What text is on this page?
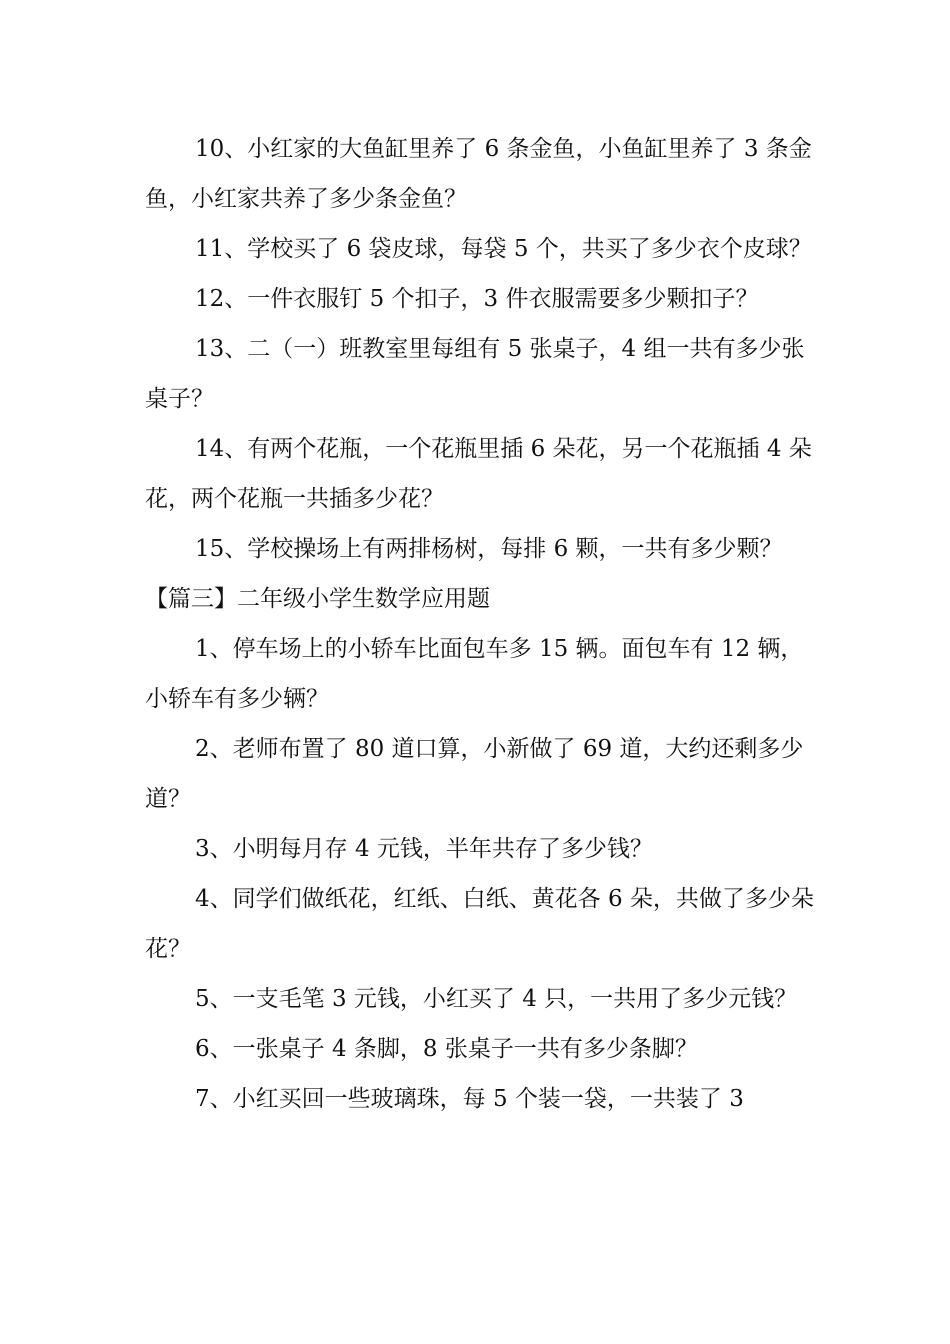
10、小红家的大鱼缸里养了 6 条金鱼，小鱼缸里养了 3 条金鱼，小红家共养了多少条金鱼？

11、学校买了 6 袋皮球，每袋 5 个，共买了多少衣个皮球？

12、一件衣服钉 5 个扣子，3 件衣服需要多少颗扣子？

13、二（一）班教室里每组有 5 张桌子，4 组一共有多少张桌子？

14、有两个花瓶，一个花瓶里插 6 朵花，另一个花瓶插 4 朵花，两个花瓶一共插多少花？

15、学校操场上有两排杨树，每排 6 颗，一共有多少颗？

【篇三】二年级小学生数学应用题

1、停车场上的小轿车比面包车多 15 辆。面包车有 12 辆，小轿车有多少辆？

2、老师布置了 80 道口算，小新做了 69 道，大约还剩多少道？

3、小明每月存 4 元钱，半年共存了多少钱？

4、同学们做纸花，红纸、白纸、黄花各 6 朵，共做了多少朵花？

5、一支毛笔 3 元钱，小红买了 4 只，一共用了多少元钱？

6、一张桌子 4 条脚，8 张桌子一共有多少条脚？

7、小红买回一些玻璃珠，每 5 个装一袋，一共装了 3
